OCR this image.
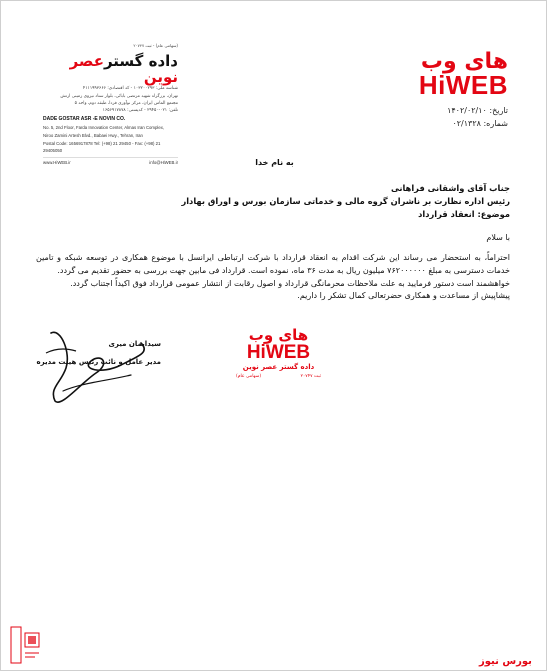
(سهامی عام) - ثبت ۲۰۷۴۷
داده گسترعصر نوین
شناسه ملی: ۱۰۳۲۰۰۲۹۳ - کد اقتصادی: ۴۱۱۱۹۹۳۶۶۶
تهران، بزرگراه شهید مرتضی بابائی، بلوار ستاد نیروی زمینی ارتش
مجتمع الماس ایران، مرکز نوآوری فردا، طبقه دوم، واحد ۵
تلفن: ۰۲۱-۲۹۴۵۰ - کدپستی: ۱۶۵۶۹۱۷۸۷۸
DADE GOSTAR ASR -E NOVIN CO.
No. 5, 2nd Floor, Farda Innovation Center, Almas Iran Complex,
Niroo Zamini Artesh Blvd., Babaei Hwy., Tehran, Iran
Postal Code: 1656917878 Tel: (+98) 21 29450 - Fax: (+98) 21 29405050
www.HiWEB.ir	info@HiWEB.ir
های وب
HiWEB
تاریخ: ۱۴۰۲/۰۲/۱۰
شماره: ۰۲/۱۳۲۸
به نام خدا
جناب آقای واشقانی فراهانی
رئیس اداره نظارت بر ناشران گروه مالی و خدماتی سازمان بورس و اوراق بهادار
موضوع: انعقاد قرارداد
با سلام

احتراماً، به استحضار می رساند این شرکت اقدام به انعقاد قرارداد با شرکت ارتباطی ایرانسل با موضوع همکاری در توسعه شبکه و تامین خدمات دسترسی به مبلغ ۷۶۲۰۰۰۰۰۰ میلیون ریال به مدت ۳۶ ماه، نموده است. قرارداد فی مابین جهت بررسی به حضور تقدیم می گردد.

خواهشمند است دستور فرمایید به علت ملاحظات محرمانگی قرارداد و اصول رقابت از انتشار عمومی قرارداد فوق اکیداً اجتناب گردد.

پیشاپیش از مساعدت و همکاری حضرتعالی کمال تشکر را داریم.

سیدایمان میری
مدیر عامل و نائب رئیس هیئت مدیره
های وب
HiWEB
داده گستر عصر نوین
ثبت ۲۰۷۴۷
(سهامی عام)
بورس نیوز
